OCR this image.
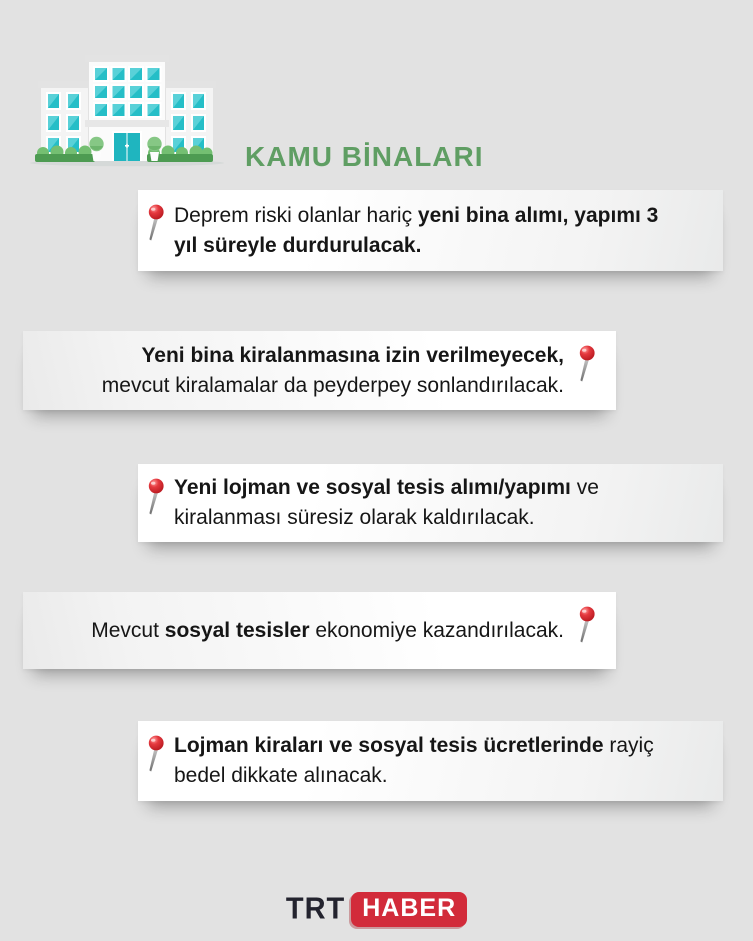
KAMU BİNALARI
Deprem riski olanlar hariç yeni bina alımı, yapımı 3
yıl süreyle durdurulacak.
Yeni bina kiralanmasına izin verilmeyecek,
mevcut kiralamalar da peyderpey sonlandırılacak.
Yeni lojman ve sosyal tesis alımı/yapımı ve
kiralanması süresiz olarak kaldırılacak.
Mevcut sosyal tesisler ekonomiye kazandırılacak.
Lojman kiraları ve sosyal tesis ücretlerinde rayiç
bedel dikkate alınacak.
TRT HABER
